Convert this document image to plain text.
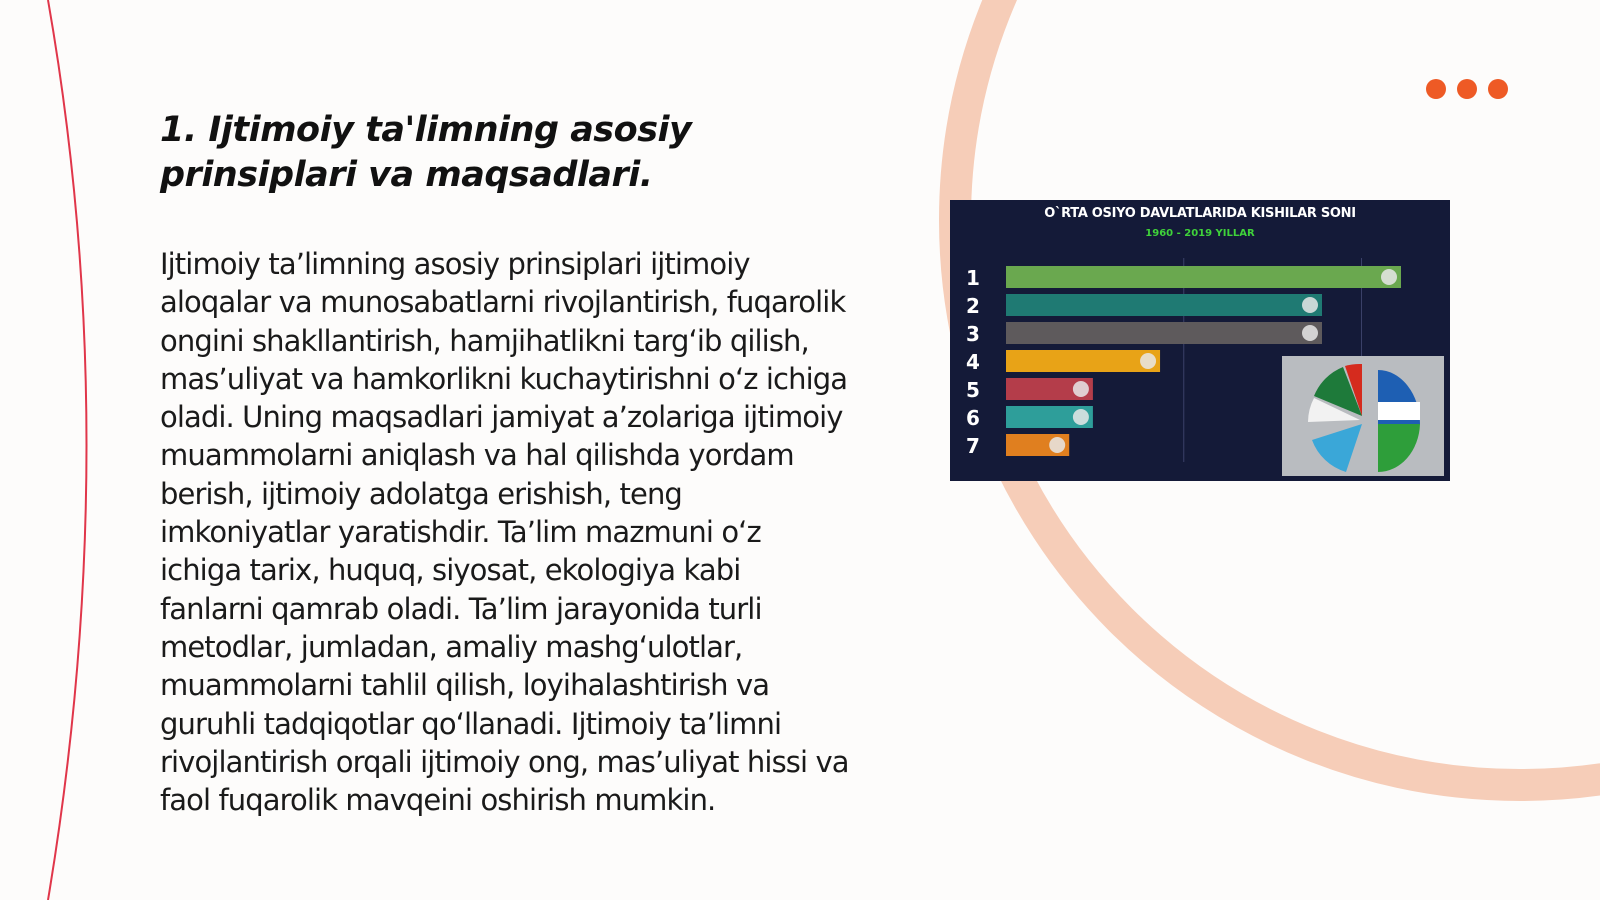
1. Ijtimoiy ta'limning asosiy prinsiplari va maqsadlari.

Ijtimoiy ta’limning asosiy prinsiplari ijtimoiy aloqalar va munosabatlarni rivojlantirish, fuqarolik ongini shakllantirish, hamjihatlikni targ‘ib qilish, mas’uliyat va hamkorlikni kuchaytirishni o‘z ichiga oladi. Uning maqsadlari jamiyat a’zolariga ijtimoiy muammolarni aniqlash va hal qilishda yordam berish, ijtimoiy adolatga erishish, teng imkoniyatlar yaratishdir. Ta’lim mazmuni o‘z ichiga tarix, huquq, siyosat, ekologiya kabi fanlarni qamrab oladi. Ta’lim jarayonida turli metodlar, jumladan, amaliy mashg‘ulotlar, muammolarni tahlil qilish, loyihalashtirish va guruhli tadqiqotlar qo‘llanadi. Ijtimoiy ta’limni rivojlantirish orqali ijtimoiy ong, mas’uliyat hissi va faol fuqarolik mavqeini oshirish mumkin.

1
2
3
4
5
6
7
O`RTA OSIYO DAVLATLARIDA KISHILAR SONI
1960 - 2019 YILLAR
